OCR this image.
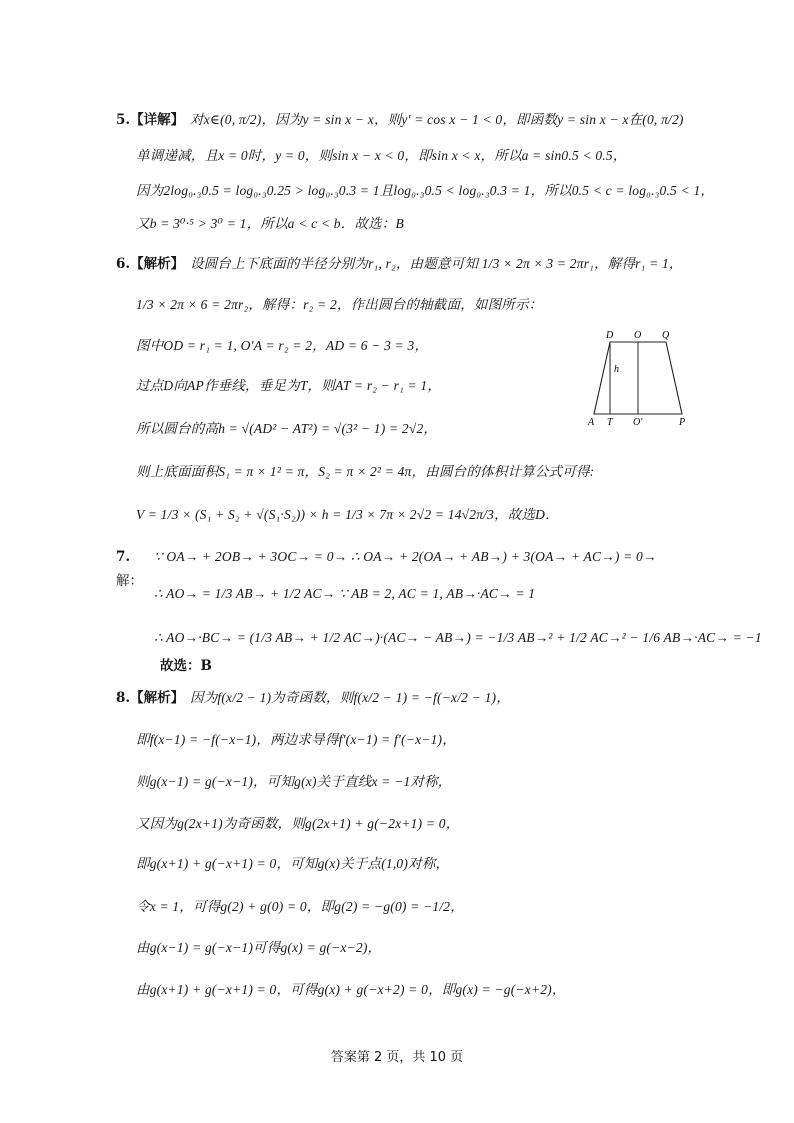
5.【详解】 对x∈(0, π/2)，因为y = sin x − x，则y′ = cos x − 1 < 0，即函数y = sin x − x在(0, π/2)
单调递减，且x = 0时，y = 0，则sin x − x < 0，即sin x < x，所以a = sin0.5 < 0.5，
因为2log₀.₃0.5 = log₀.₃0.25 > log₀.₃0.3 = 1且log₀.₃0.5 < log₀.₃0.3 = 1，所以0.5 < c = log₀.₃0.5 < 1，
又b = 3⁰·⁵ > 3⁰ = 1，所以a < c < b．故选：B
6.【解析】 设圆台上下底面的半径分别为r₁, r₂，由题意可知 1/3 × 2π × 3 = 2πr₁，解得r₁ = 1，
1/3 × 2π × 6 = 2πr₂，解得：r₂ = 2，作出圆台的轴截面，如图所示：
图中OD = r₁ = 1, O′A = r₂ = 2，AD = 6 − 3 = 3，
过点D向AP作垂线，垂足为T，则AT = r₂ − r₁ = 1，
所以圆台的高h = √(AD² − AT²) = √(3² − 1) = 2√2，
则上底面面积S₁ = π × 1² = π，S₂ = π × 2² = 4π，由圆台的体积计算公式可得:
V = 1/3 × (S₁ + S₂ + √(S₁·S₂)) × h = 1/3 × 7π × 2√2 = 14√2π/3，故选D．
D O Q
h
A T O′	P
7.
解：
∵ OA→ + 2OB→ + 3OC→ = 0→ ∴ OA→ + 2(OA→ + AB→) + 3(OA→ + AC→) = 0→
∴ AO→ = 1/3 AB→ + 1/2 AC→ ∵ AB = 2, AC = 1, AB→·AC→ = 1
∴ AO→·BC→ = (1/3 AB→ + 1/2 AC→)·(AC→ − AB→) = −1/3 AB→² + 1/2 AC→² − 1/6 AB→·AC→ = −1
故选：B
8.【解析】 因为f(x/2 − 1)为奇函数，则f(x/2 − 1) = −f(−x/2 − 1)，
即f(x−1) = −f(−x−1)，两边求导得f′(x−1) = f′(−x−1)，
则g(x−1) = g(−x−1)，可知g(x)关于直线x = −1对称，
又因为g(2x+1)为奇函数，则g(2x+1) + g(−2x+1) = 0，
即g(x+1) + g(−x+1) = 0，可知g(x)关于点(1,0)对称，
令x = 1，可得g(2) + g(0) = 0，即g(2) = −g(0) = −1/2，
由g(x−1) = g(−x−1)可得g(x) = g(−x−2)，
由g(x+1) + g(−x+1) = 0，可得g(x) + g(−x+2) = 0，即g(x) = −g(−x+2)，
答案第 2 页，共 10 页
